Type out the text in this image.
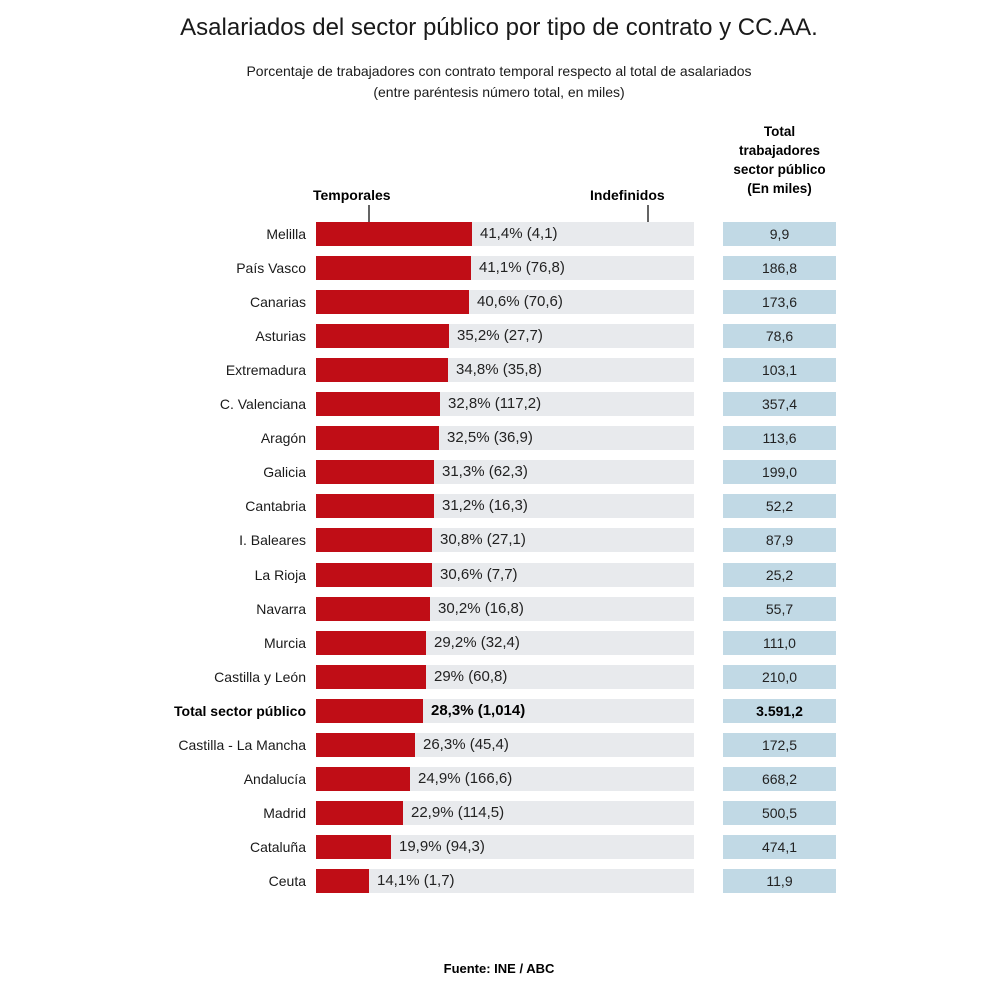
Asalariados del sector público por tipo de contrato y CC.AA.
Porcentaje de trabajadores con contrato temporal respecto al total de asalariados
(entre paréntesis número total, en miles)
Total trabajadores sector público (En miles)
Temporales	Indefinidos
Melilla	41,4% (4,1)	9,9
País Vasco	41,1% (76,8)	186,8
Canarias	40,6% (70,6)	173,6
Asturias	35,2% (27,7)	78,6
Extremadura	34,8% (35,8)	103,1
C. Valenciana	32,8% (117,2)	357,4
Aragón	32,5% (36,9)	113,6
Galicia	31,3% (62,3)	199,0
Cantabria	31,2% (16,3)	52,2
I. Baleares	30,8% (27,1)	87,9
La Rioja	30,6% (7,7)	25,2
Navarra	30,2% (16,8)	55,7
Murcia	29,2% (32,4)	111,0
Castilla y León	29% (60,8)	210,0
Total sector público	28,3% (1,014)	3.591,2
Castilla - La Mancha	26,3% (45,4)	172,5
Andalucía	24,9% (166,6)	668,2
Madrid	22,9% (114,5)	500,5
Cataluña	19,9% (94,3)	474,1
Ceuta	14,1% (1,7)	11,9
Fuente: INE / ABC
